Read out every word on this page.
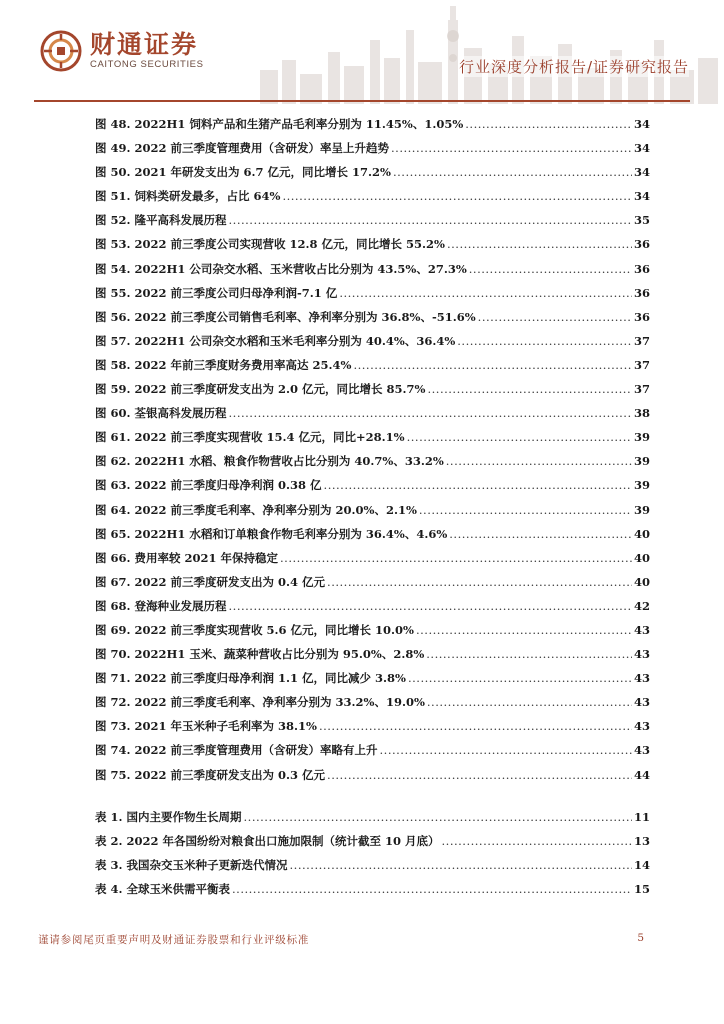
财通证券
CAITONG SECURITIES	行业深度分析报告/证券研究报告
图 48. 2022H1 饲料产品和生猪产品毛利率分别为 11.45%、1.05% .....	34
图 49. 2022 前三季度管理费用（含研发）率呈上升趋势 .....	34
图 50. 2021 年研发支出为 6.7 亿元，同比增长 17.2% .....	34
图 51. 饲料类研发最多，占比 64% .....	34
图 52. 隆平高科发展历程 .....	35
图 53. 2022 前三季度公司实现营收 12.8 亿元，同比增长 55.2% .....	36
图 54. 2022H1 公司杂交水稻、玉米营收占比分别为 43.5%、27.3% .....	36
图 55. 2022 前三季度公司归母净利润-7.1 亿 .....	36
图 56. 2022 前三季度公司销售毛利率、净利率分别为 36.8%、-51.6% .....	36
图 57. 2022H1 公司杂交水稻和玉米毛利率分别为 40.4%、36.4% .....	37
图 58. 2022 年前三季度财务费用率高达 25.4% .....	37
图 59. 2022 前三季度研发支出为 2.0 亿元，同比增长 85.7% .....	37
图 60. 荃银高科发展历程 .....	38
图 61. 2022 前三季度实现营收 15.4 亿元，同比+28.1% .....	39
图 62. 2022H1 水稻、粮食作物营收占比分别为 40.7%、33.2% .....	39
图 63. 2022 前三季度归母净利润 0.38 亿 .....	39
图 64. 2022 前三季度毛利率、净利率分别为 20.0%、2.1% .....	39
图 65. 2022H1 水稻和订单粮食作物毛利率分别为 36.4%、4.6% .....	40
图 66. 费用率较 2021 年保持稳定 .....	40
图 67. 2022 前三季度研发支出为 0.4 亿元 .....	40
图 68. 登海种业发展历程 .....	42
图 69. 2022 前三季度实现营收 5.6 亿元，同比增长 10.0% .....	43
图 70. 2022H1 玉米、蔬菜种营收占比分别为 95.0%、2.8% .....	43
图 71. 2022 前三季度归母净利润 1.1 亿，同比减少 3.8% .....	43
图 72. 2022 前三季度毛利率、净利率分别为 33.2%、19.0% .....	43
图 73. 2021 年玉米种子毛利率为 38.1% .....	43
图 74. 2022 前三季度管理费用（含研发）率略有上升 .....	43
图 75. 2022 前三季度研发支出为 0.3 亿元 .....	44
表 1. 国内主要作物生长周期 .....	11
表 2. 2022 年各国纷纷对粮食出口施加限制（统计截至 10 月底） .....	13
表 3. 我国杂交玉米种子更新迭代情况 .....	14
表 4. 全球玉米供需平衡表 .....	15
谨请参阅尾页重要声明及财通证券股票和行业评级标准	5
